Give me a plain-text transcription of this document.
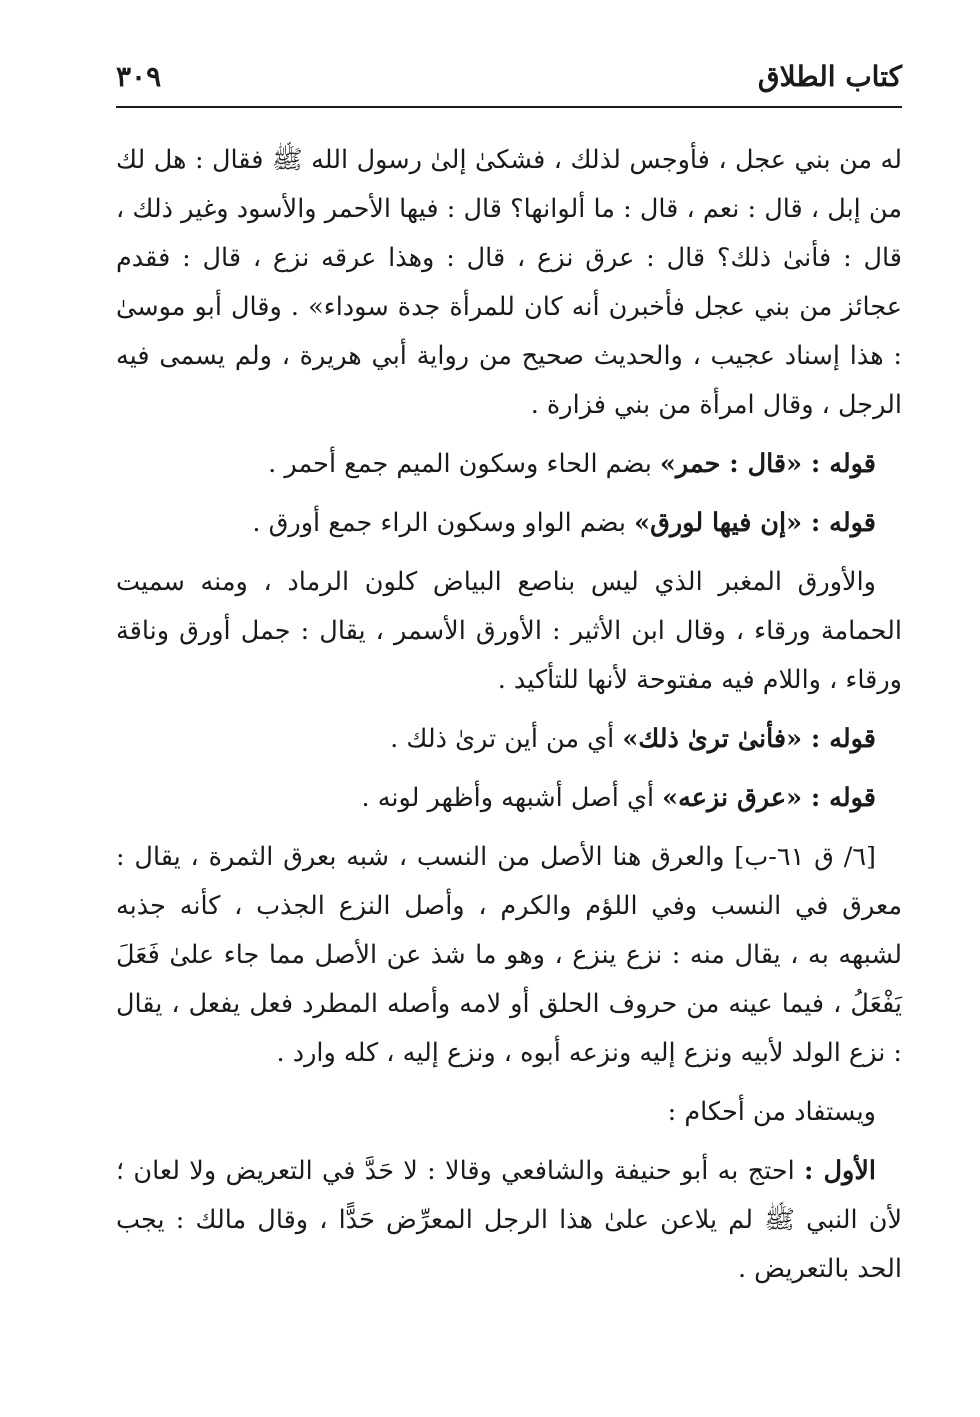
كتاب الطلاق
٣٠٩

له من بني عجل ، فأوجس لذلك ، فشكىٰ إلىٰ رسول الله ﷺ فقال : هل لك من إبل ، قال : نعم ، قال : ما ألوانها؟ قال : فيها الأحمر والأسود وغير ذلك ، قال : فأنىٰ ذلك؟ قال : عرق نزع ، قال : وهذا عرقه نزع ، قال : فقدم عجائز من بني عجل فأخبرن أنه كان للمرأة جدة سوداء» . وقال أبو موسىٰ : هذا إسناد عجيب ، والحديث صحيح من رواية أبي هريرة ، ولم يسمى فيه الرجل ، وقال امرأة من بني فزارة .

قوله : «قال : حمر» بضم الحاء وسكون الميم جمع أحمر .

قوله : «إن فيها لورق» بضم الواو وسكون الراء جمع أورق .

والأورق المغبر الذي ليس بناصع البياض كلون الرماد ، ومنه سميت الحمامة ورقاء ، وقال ابن الأثير : الأورق الأسمر ، يقال : جمل أورق وناقة ورقاء ، واللام فيه مفتوحة لأنها للتأكيد .

قوله : «فأنىٰ ترىٰ ذلك» أي من أين ترىٰ ذلك .

قوله : «عرق نزعه» أي أصل أشبهه وأظهر لونه .

[٦/ ق ٦١-ب] والعرق هنا الأصل من النسب ، شبه بعرق الثمرة ، يقال : معرق في النسب وفي اللؤم والكرم ، وأصل النزع الجذب ، كأنه جذبه لشبهه به ، يقال منه : نزع ينزع ، وهو ما شذ عن الأصل مما جاء علىٰ فَعَلَ يَفْعَلُ ، فيما عينه من حروف الحلق أو لامه وأصله المطرد فعل يفعل ، يقال : نزع الولد لأبيه ونزع إليه ونزعه أبوه ، ونزع إليه ، كله وارد .

ويستفاد من أحكام :

الأول : احتج به أبو حنيفة والشافعي وقالا : لا حَدَّ في التعريض ولا لعان ؛ لأن النبي ﷺ لم يلاعن علىٰ هذا الرجل المعرِّض حَدًّا ، وقال مالك : يجب الحد بالتعريض .
